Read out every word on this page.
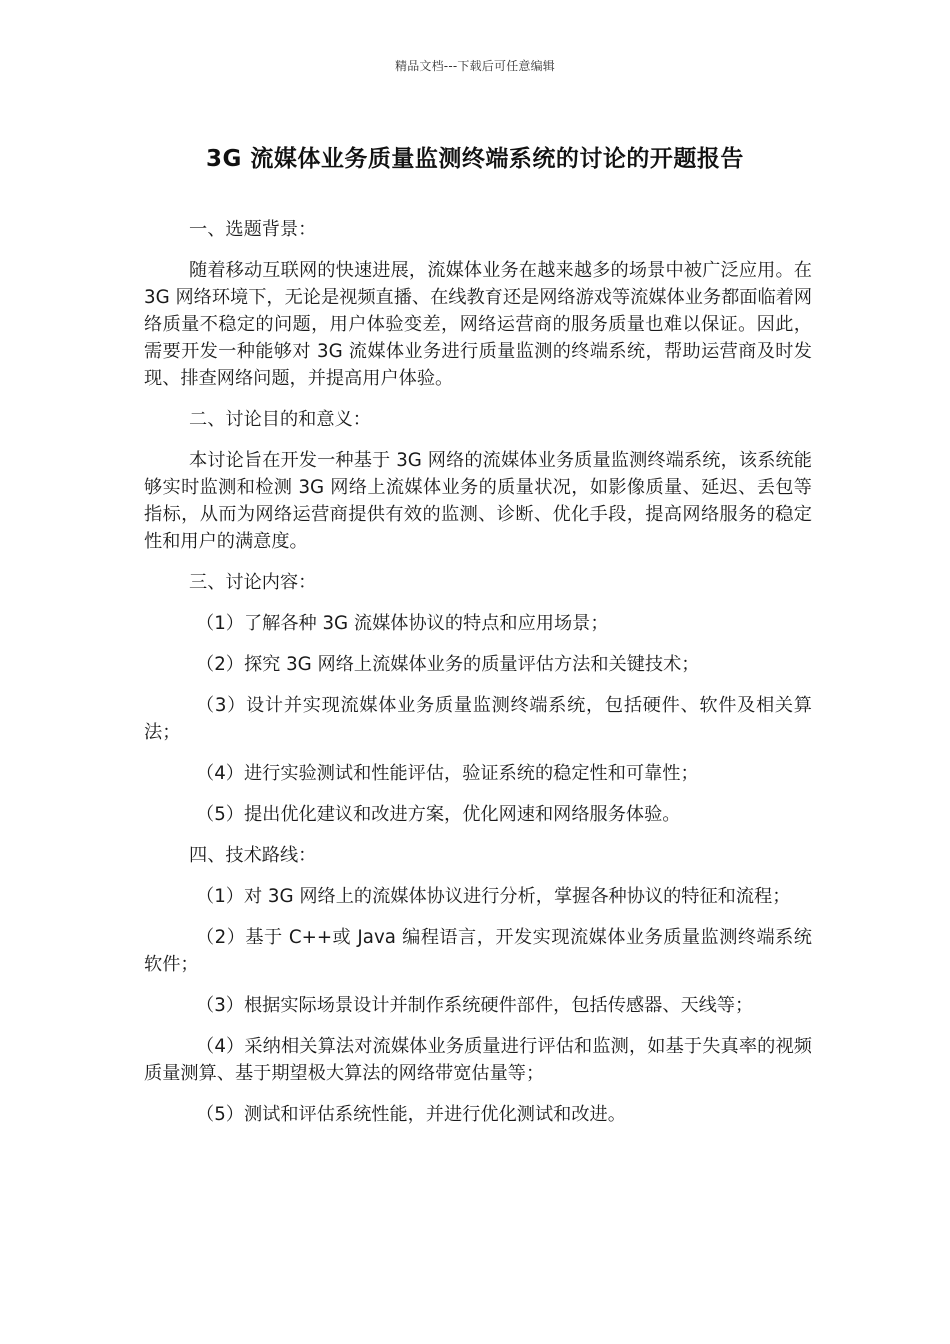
精品文档---下载后可任意编辑
3G 流媒体业务质量监测终端系统的讨论的开题报告

一、选题背景：

随着移动互联网的快速进展，流媒体业务在越来越多的场景中被广泛应用。在 3G 网络环境下，无论是视频直播、在线教育还是网络游戏等流媒体业务都面临着网络质量不稳定的问题，用户体验变差，网络运营商的服务质量也难以保证。因此，需要开发一种能够对 3G 流媒体业务进行质量监测的终端系统，帮助运营商及时发现、排查网络问题，并提高用户体验。

二、讨论目的和意义：

本讨论旨在开发一种基于 3G 网络的流媒体业务质量监测终端系统，该系统能够实时监测和检测 3G 网络上流媒体业务的质量状况，如影像质量、延迟、丢包等指标，从而为网络运营商提供有效的监测、诊断、优化手段，提高网络服务的稳定性和用户的满意度。

三、讨论内容：

（1）了解各种 3G 流媒体协议的特点和应用场景；

（2）探究 3G 网络上流媒体业务的质量评估方法和关键技术；

（3）设计并实现流媒体业务质量监测终端系统，包括硬件、软件及相关算法；

（4）进行实验测试和性能评估，验证系统的稳定性和可靠性；

（5）提出优化建议和改进方案，优化网速和网络服务体验。

四、技术路线：

（1）对 3G 网络上的流媒体协议进行分析，掌握各种协议的特征和流程；

（2）基于 C++或 Java 编程语言，开发实现流媒体业务质量监测终端系统软件；

（3）根据实际场景设计并制作系统硬件部件，包括传感器、天线等；

（4）采纳相关算法对流媒体业务质量进行评估和监测，如基于失真率的视频质量测算、基于期望极大算法的网络带宽估量等；

（5）测试和评估系统性能，并进行优化测试和改进。
